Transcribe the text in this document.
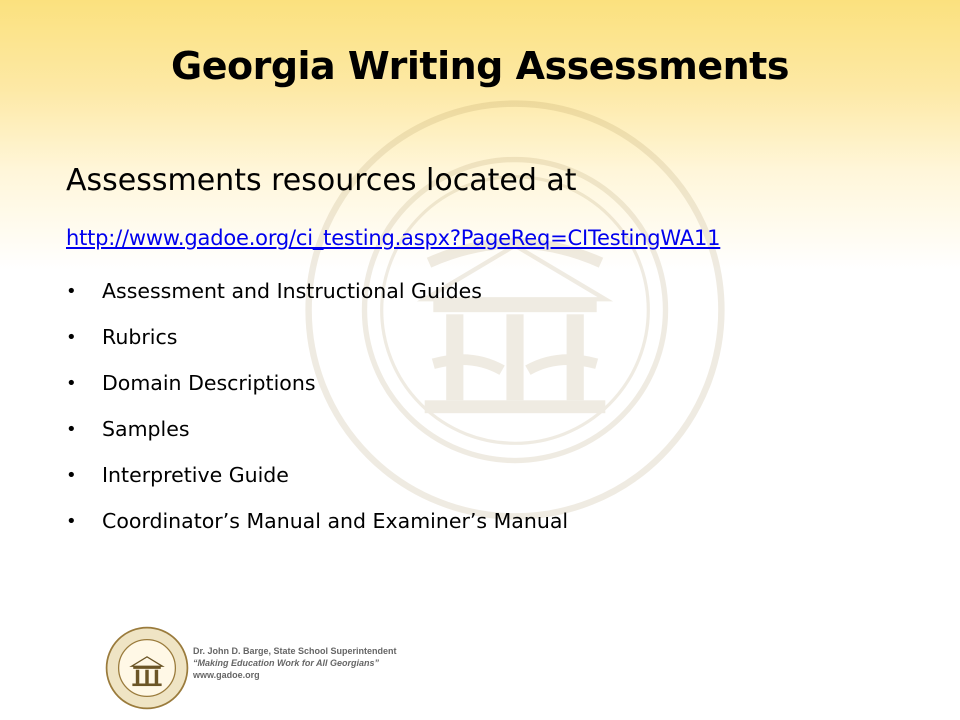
Georgia Writing Assessments
Assessments resources located at
http://www.gadoe.org/ci_testing.aspx?PageReq=CITestingWA11
•	Assessment and Instructional Guides
•	Rubrics
•	Domain Descriptions
•	Samples
•	Interpretive Guide
•	Coordinator’s Manual and Examiner’s Manual
Dr. John D. Barge, State School Superintendent
“Making Education Work for All Georgians”
www.gadoe.org
